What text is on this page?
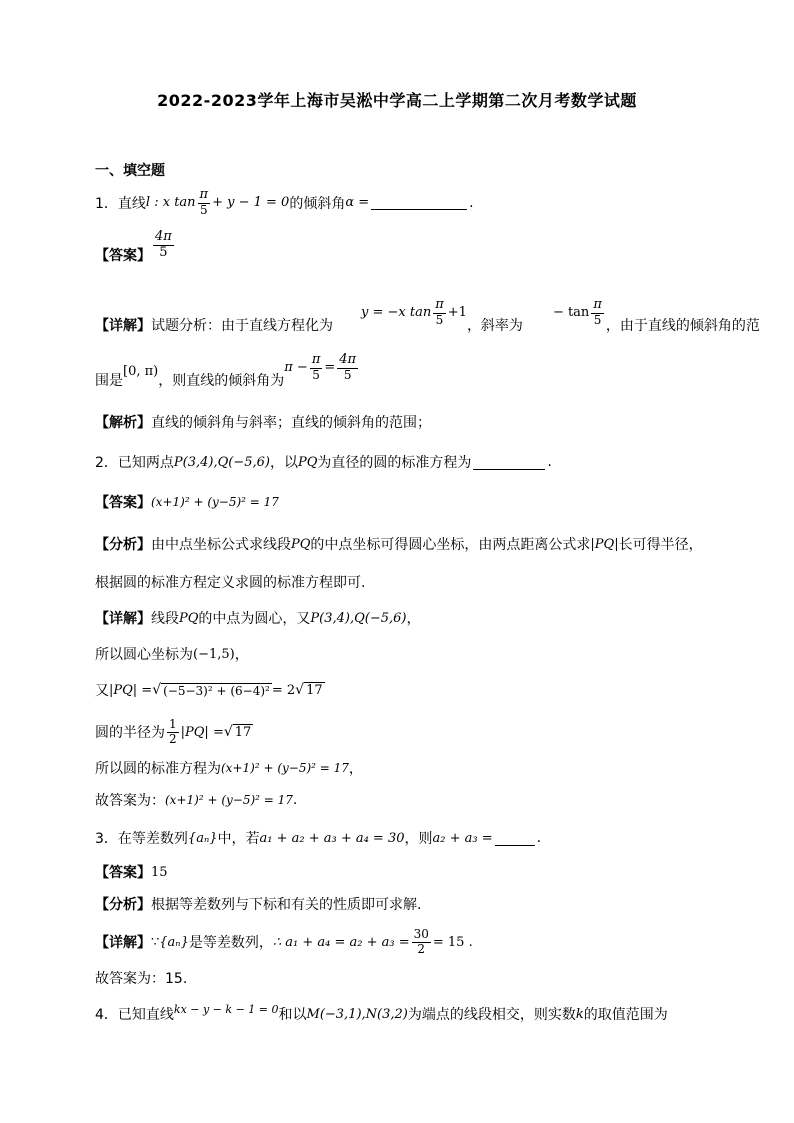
2022-2023学年上海市吴淞中学高二上学期第二次月考数学试题
一、填空题
1． 直线 l : x $\tan \frac{\pi}{5} + y - 1 = 0$ 的倾斜角 α =	.
【答案】 $\frac{4\pi}{5}$
【详解】 试题分析：由于直线方程化为
y = −x $\tan \frac{\pi}{5} +1$
，斜率为
− $\tan \frac{\pi}{5}$ ，由于直线的倾斜角的范
围是
[0, π)
，则直线的倾斜角为
$\pi - \frac{\pi}{5} = \frac{4\pi}{5}$
【解析】 直线的倾斜角与斜率；直线的倾斜角的范围；
2． 已知两点 P(3,4),Q(−5,6) ，以 PQ 为直径的圆的标准方程为	.
【答案】 (x+1)² + (y−5)² = 17
【分析】 由中点坐标公式求线段 PQ 的中点坐标可得圆心坐标，由两点距离公式求 |PQ| 长可得半径，
根据圆的标准方程定义求圆的标准方程即可.
【详解】 线段 PQ 的中点为圆心，又 P(3,4),Q(−5,6) ，
所以圆心坐标为 (−1,5) ，
又 |PQ| = √ (−5−3)² + (6−4)² = 2 √ 17
圆的半径为 $\frac{1}{2} |PQ|$ = √ 17
所以圆的标准方程为 (x+1)² + (y−5)² = 17 ，
故答案为： (x+1)² + (y−5)² = 17 .
3． 在等差数列 {aₙ} 中，若 a₁ + a₂ + a₃ + a₄ = 30 ，则 a₂ + a₃ =	.
【答案】 15
【分析】 根据等差数列与下标和有关的性质即可求解.
【详解】 ∵ {aₙ} 是等差数列， ∴ $a_1 + a_4 = a_2 + a_3 = \frac{30}{2} = 15$ .
故答案为：15.
4． 已知直线 kx − y − k − 1 = 0 和以 M(−3,1),N(3,2) 为端点的线段相交，则实数 k 的取值范围为
